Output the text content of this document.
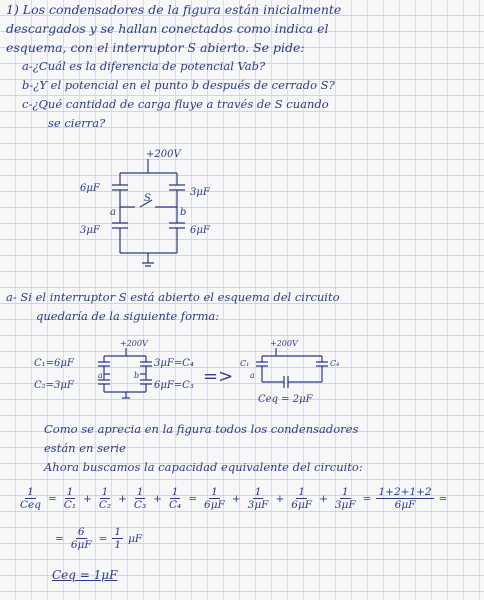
1) Los condensadores de la figura están inicialmente
descargados y se hallan conectados como indica el
esquema, con el interruptor S abierto. Se pide:
a-¿Cuál es la diferencia de potencial Vab?
b-¿Y el potencial en el punto b después de cerrado S?
c-¿Qué cantidad de carga fluye a través de S cuando
se cierra?
+200V
6μF	3μF
3μF	6μF
S
a	b
a- Si el interruptor S está abierto el esquema del circuito
quedaría de la siguiente forma:
+200V
C₁=6μF
C₂=3μF
3μF=C₄
6μF=C₃
a	b	=>
+200V
C₁	C₄
a
Ceq = 2μF
Como se aprecia en la figura todos los condensadores
están en serie
Ahora buscamos la capacidad equivalente del circuito:
$\frac{1}{\text{Ceq}} = \frac{1}{\text{C₁}} + \frac{1}{\text{C₂}} + \frac{1}{\text{C₃}} + \frac{1}{\text{C₄}} = \frac{1}{6\mu F} + \frac{1}{3\mu F} + \frac{1}{6\mu F} + \frac{1}{3\mu F} = \frac{1+2+1+2}{6\mu F}$ =
= $\frac{6}{6\mu F} = \frac{1}{1}$ μF
Ceq = 1μF
